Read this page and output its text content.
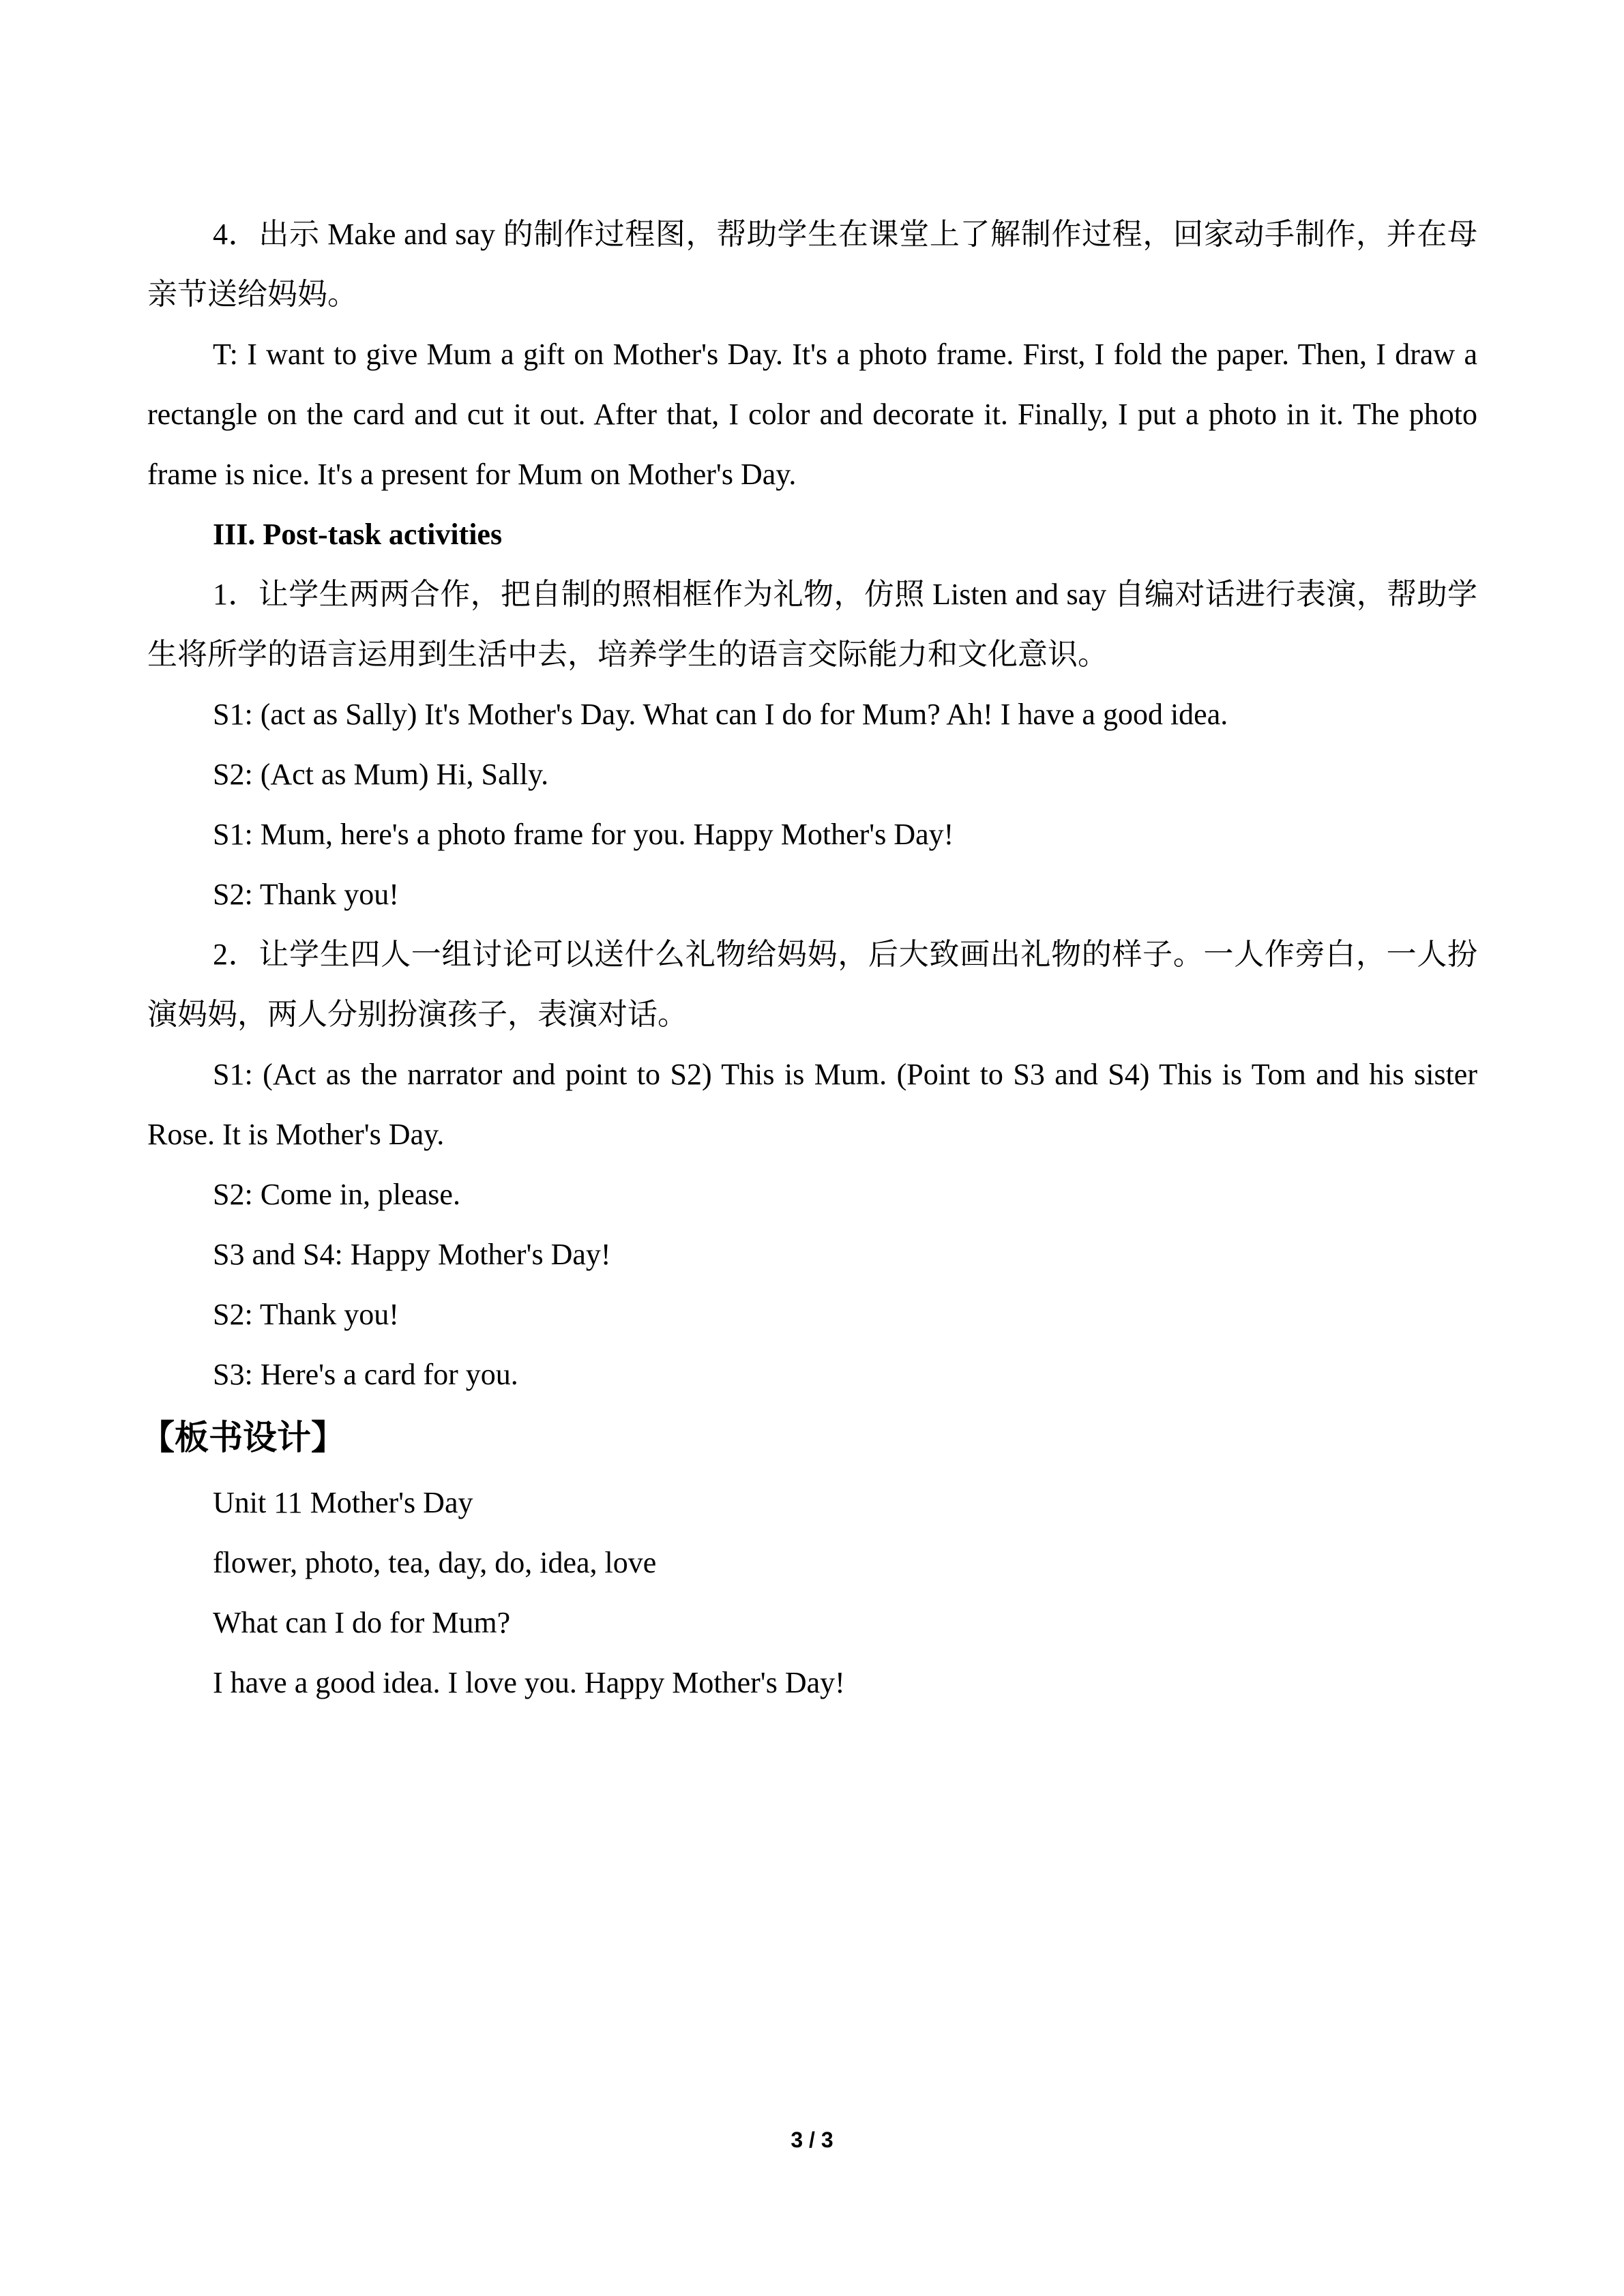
4．出示 Make and say 的制作过程图，帮助学生在课堂上了解制作过程，回家动手制作，并在母亲节送给妈妈。

T: I want to give Mum a gift on Mother's Day. It's a photo frame. First, I fold the paper. Then, I draw a rectangle on the card and cut it out. After that, I color and decorate it. Finally, I put a photo in it. The photo frame is nice. It's a present for Mum on Mother's Day.

III. Post-task activities

1．让学生两两合作，把自制的照相框作为礼物，仿照 Listen and say 自编对话进行表演，帮助学生将所学的语言运用到生活中去，培养学生的语言交际能力和文化意识。

S1: (act as Sally) It's Mother's Day. What can I do for Mum? Ah! I have a good idea.

S2: (Act as Mum) Hi, Sally.

S1: Mum, here's a photo frame for you. Happy Mother's Day!

S2: Thank you!

2．让学生四人一组讨论可以送什么礼物给妈妈，后大致画出礼物的样子。一人作旁白，一人扮演妈妈，两人分别扮演孩子，表演对话。

S1: (Act as the narrator and point to S2) This is Mum. (Point to S3 and S4) This is Tom and his sister Rose. It is Mother's Day.

S2: Come in, please.

S3 and S4: Happy Mother's Day!

S2: Thank you!

S3: Here's a card for you.

【板书设计】

Unit 11 Mother's Day

flower, photo, tea, day, do, idea, love

What can I do for Mum?

I have a good idea. I love you. Happy Mother's Day!

3 / 3
